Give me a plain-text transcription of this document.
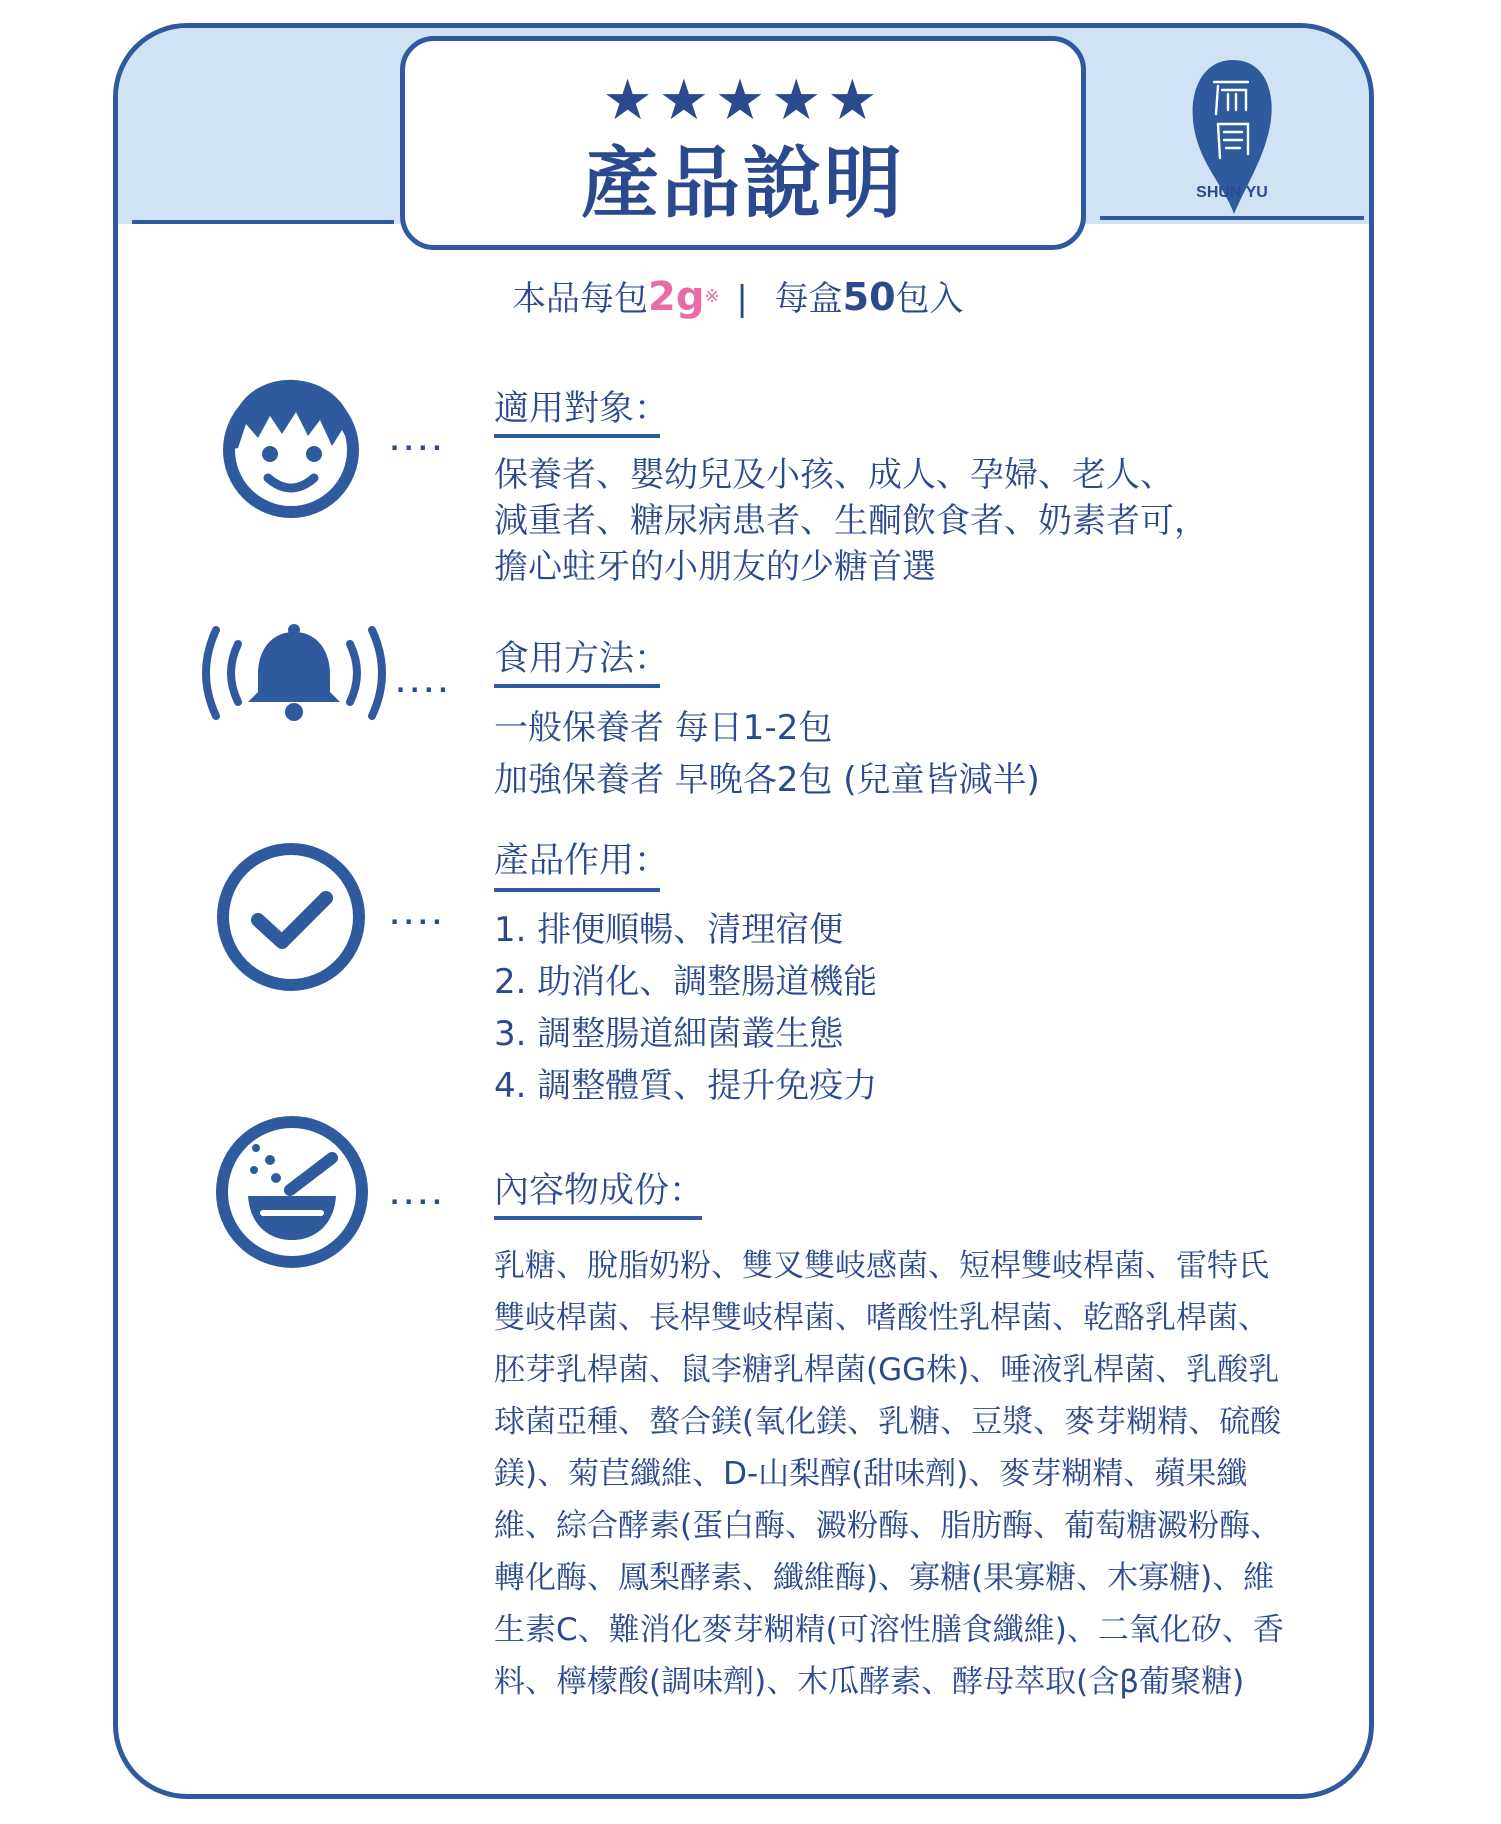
★★★★★
產品說明	SHUN YU
本品每包2g※ | 每盒50包入
....
適用對象：
保養者、嬰幼兒及小孩、成人、孕婦、老人、
減重者、糖尿病患者、生酮飲食者、奶素者可，
擔心蛀牙的小朋友的少糖首選
....
食用方法：
一般保養者 每日1-2包
加強保養者 早晚各2包 (兒童皆減半)
....
產品作用：
1. 排便順暢、清理宿便
2. 助消化、調整腸道機能
3. 調整腸道細菌叢生態
4. 調整體質、提升免疫力
.... 內容物成份：
乳糖、脫脂奶粉、雙叉雙岐感菌、短桿雙岐桿菌、雷特氏
雙岐桿菌、長桿雙岐桿菌、嗜酸性乳桿菌、乾酪乳桿菌、
胚芽乳桿菌、鼠李糖乳桿菌(GG株)、唾液乳桿菌、乳酸乳
球菌亞種、螯合鎂(氧化鎂、乳糖、豆漿、麥芽糊精、硫酸
鎂)、菊苣纖維、D-山梨醇(甜味劑)、麥芽糊精、蘋果纖
維、綜合酵素(蛋白酶、澱粉酶、脂肪酶、葡萄糖澱粉酶、
轉化酶、鳳梨酵素、纖維酶)、寡糖(果寡糖、木寡糖)、維
生素C、難消化麥芽糊精(可溶性膳食纖維)、二氧化矽、香
料、檸檬酸(調味劑)、木瓜酵素、酵母萃取(含β葡聚糖)
